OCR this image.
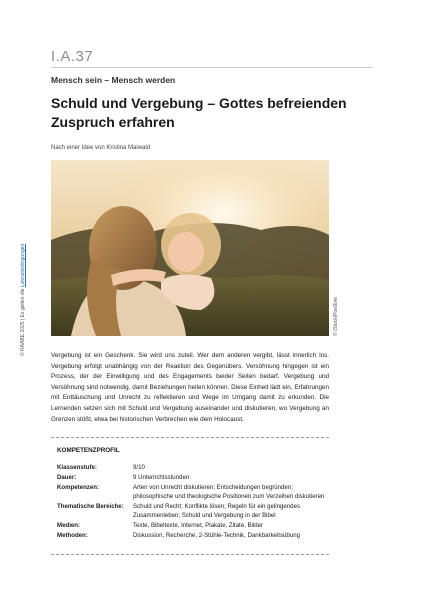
I.A.37
Mensch sein – Mensch werden
Schuld und Vergebung – Gottes befreienden
Zuspruch erfahren
Nach einer Idee von Kristina Maiwald
© iStock/Poe/Eve
© RAABE 2025 | Es gelten die Lizenzbedingungen
Vergebung ist ein Geschenk. Sie wird uns zuteil. Wer dem anderen vergibt, lässt innerlich los. Vergebung erfolgt unabhängig von der Reaktion des Gegenübers. Versöhnung hingegen ist ein Prozess, der der Einwilligung und des Engagements beider Seiten bedarf. Vergebung und Versöhnung sind notwendig, damit Beziehungen heilen können. Diese Einheit lädt ein, Erfahrungen mit Enttäuschung und Unrecht zu reflektieren und Wege im Umgang damit zu erkunden. Die Lernenden setzen sich mit Schuld und Vergebung auseinander und diskutieren, wo Vergebung an Grenzen stößt, etwa bei historischen Verbrechen wie dem Holocaust.
KOMPETENZPROFIL
Klassenstufe:	9/10
Dauer:	9 Unterrichtsstunden
Kompetenzen:	Arten von Unrecht diskutieren; Entscheidungen begründen; philosophische und theologische Positionen zum Verzeihen diskutieren
Thematische Bereiche:	Schuld und Recht; Konflikte lösen; Regeln für ein gelingendes Zusammenleben; Schuld und Vergebung in der Bibel
Medien:	Texte, Bibeltexte, Internet, Plakate, Zitate, Bilder
Methoden:	Diskussion, Recherche, 2-Stühle-Technik, Dankbarkeitsübung
